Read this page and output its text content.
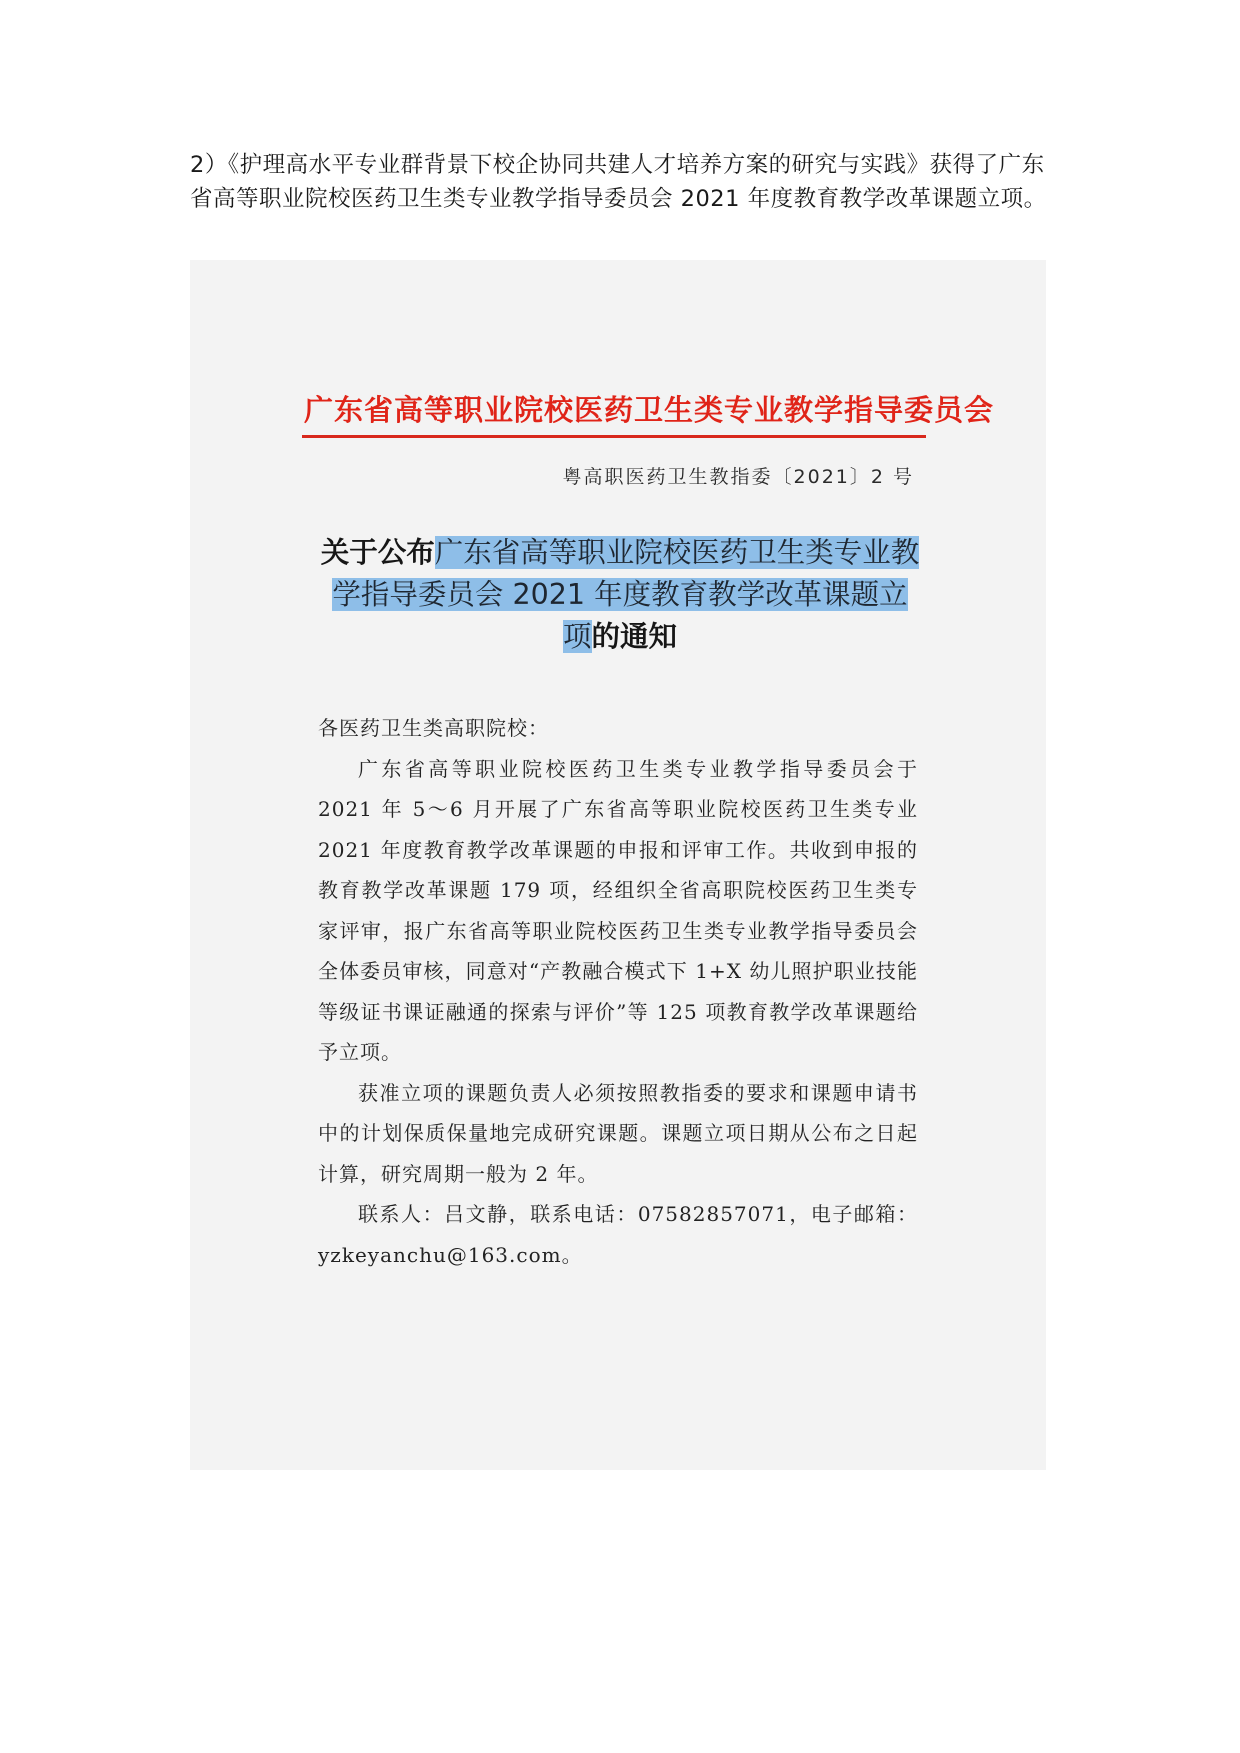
2）《护理高水平专业群背景下校企协同共建人才培养方案的研究与实践》获得了广东省高等职业院校医药卫生类专业教学指导委员会 2021 年度教育教学改革课题立项。

广东省高等职业院校医药卫生类专业教学指导委员会
粤高职医药卫生教指委〔2021〕2 号
关于公布广东省高等职业院校医药卫生类专业教学指导委员会 2021 年度教育教学改革课题立项的通知

各医药卫生类高职院校：

广东省高等职业院校医药卫生类专业教学指导委员会于 2021 年 5～6 月开展了广东省高等职业院校医药卫生类专业 2021 年度教育教学改革课题的申报和评审工作。共收到申报的教育教学改革课题 179 项，经组织全省高职院校医药卫生类专家评审，报广东省高等职业院校医药卫生类专业教学指导委员会全体委员审核，同意对“产教融合模式下 1+X 幼儿照护职业技能等级证书课证融通的探索与评价”等 125 项教育教学改革课题给予立项。

获准立项的课题负责人必须按照教指委的要求和课题申请书中的计划保质保量地完成研究课题。课题立项日期从公布之日起计算，研究周期一般为 2 年。

联系人：吕文静，联系电话：07582857071，电子邮箱：yzkeyanchu@163.com。
